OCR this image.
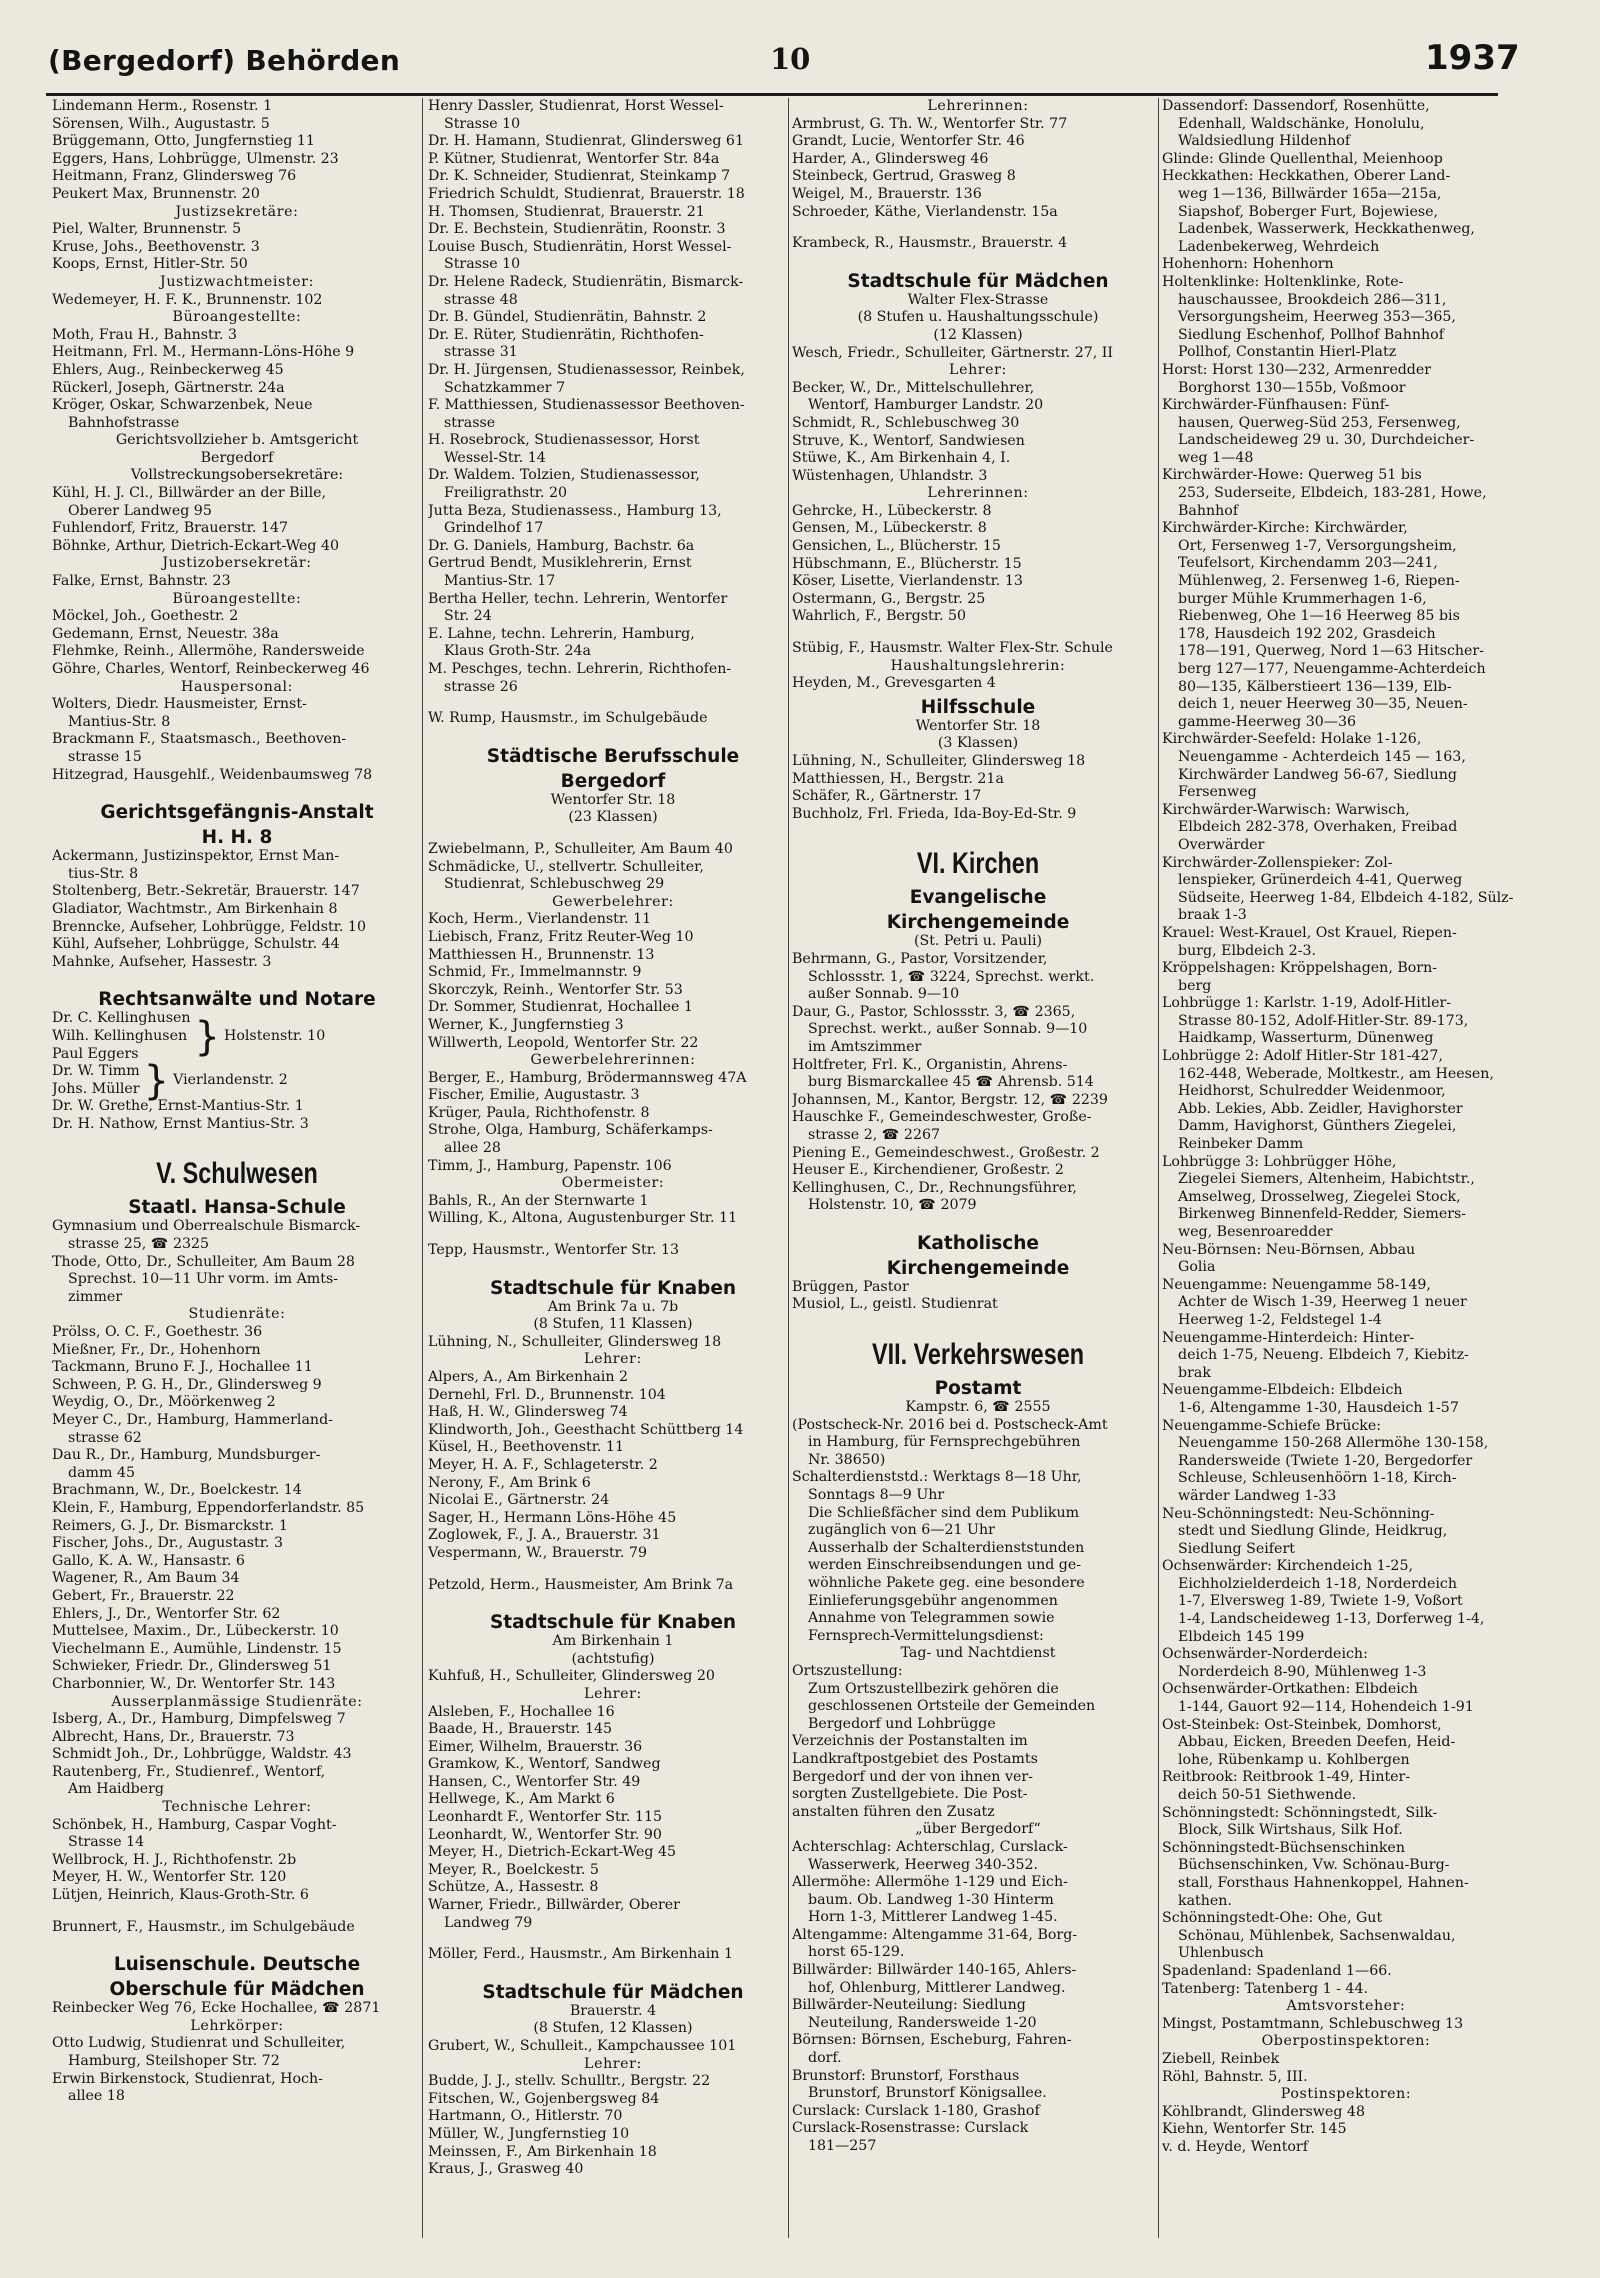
(Bergedorf) Behörden	10	1937
Lindemann Herm., Rosenstr. 1
Sörensen, Wilh., Augustastr. 5
Brüggemann, Otto, Jungfernstieg 11
Eggers, Hans, Lohbrügge, Ulmenstr. 23
Heitmann, Franz, Glindersweg 76
Peukert Max, Brunnenstr. 20
Justizsekretäre:
Piel, Walter, Brunnenstr. 5
Kruse, Johs., Beethovenstr. 3
Koops, Ernst, Hitler-Str. 50
Justizwachtmeister:
Wedemeyer, H. F. K., Brunnenstr. 102
Büroangestellte:
Moth, Frau H., Bahnstr. 3
Heitmann, Frl. M., Hermann-Löns-Höhe 9
Ehlers, Aug., Reinbeckerweg 45
Rückerl, Joseph, Gärtnerstr. 24a
Kröger, Oskar, Schwarzenbek, Neue
Bahnhofstrasse
Gerichtsvollzieher b. Amtsgericht
Bergedorf
Vollstreckungsobersekretäre:
Kühl, H. J. Cl., Billwärder an der Bille,
Oberer Landweg 95
Fuhlendorf, Fritz, Brauerstr. 147
Böhnke, Arthur, Dietrich-Eckart-Weg 40
Justizobersekretär:
Falke, Ernst, Bahnstr. 23
Büroangestellte:
Möckel, Joh., Goethestr. 2
Gedemann, Ernst, Neuestr. 38a
Flehmke, Reinh., Allermöhe, Randersweide
Göhre, Charles, Wentorf, Reinbeckerweg 46
Hauspersonal:
Wolters, Diedr. Hausmeister, Ernst-
Mantius-Str. 8
Brackmann F., Staatsmasch., Beethoven-
strasse 15
Hitzegrad, Hausgehlf., Weidenbaumsweg 78
Gerichtsgefängnis-Anstalt
H. H. 8
Ackermann, Justizinspektor, Ernst Man-
tius-Str. 8
Stoltenberg, Betr.-Sekretär, Brauerstr. 147
Gladiator, Wachtmstr., Am Birkenhain 8
Brenncke, Aufseher, Lohbrügge, Feldstr. 10
Kühl, Aufseher, Lohbrügge, Schulstr. 44
Mahnke, Aufseher, Hassestr. 3
Rechtsanwälte und Notare
Dr. C. Kellinghusen
Wilh. Kellinghusen
Paul Eggers	} Holstenstr. 10
Dr. W. Timm
Johs. Müller } Vierlandenstr. 2
Dr. W. Grethe, Ernst-Mantius-Str. 1
Dr. H. Nathow, Ernst Mantius-Str. 3
V. Schulwesen
Staatl. Hansa-Schule
Gymnasium und Oberrealschule Bismarck-
strasse 25, ☎ 2325
Thode, Otto, Dr., Schulleiter, Am Baum 28
Sprechst. 10—11 Uhr vorm. im Amts-
zimmer
Studienräte:
Prölss, O. C. F., Goethestr. 36
Mießner, Fr., Dr., Hohenhorn
Tackmann, Bruno F. J., Hochallee 11
Schween, P. G. H., Dr., Glindersweg 9
Weydig, O., Dr., Möörkenweg 2
Meyer C., Dr., Hamburg, Hammerland-
strasse 62
Dau R., Dr., Hamburg, Mundsburger-
damm 45
Brachmann, W., Dr., Boelckestr. 14
Klein, F., Hamburg, Eppendorferlandstr. 85
Reimers, G. J., Dr. Bismarckstr. 1
Fischer, Johs., Dr., Augustastr. 3
Gallo, K. A. W., Hansastr. 6
Wagener, R., Am Baum 34
Gebert, Fr., Brauerstr. 22
Ehlers, J., Dr., Wentorfer Str. 62
Muttelsee, Maxim., Dr., Lübeckerstr. 10
Viechelmann E., Aumühle, Lindenstr. 15
Schwieker, Friedr. Dr., Glindersweg 51
Charbonnier, W., Dr. Wentorfer Str. 143
Ausserplanmässige Studienräte:
Isberg, A., Dr., Hamburg, Dimpfelsweg 7
Albrecht, Hans, Dr., Brauerstr. 73
Schmidt Joh., Dr., Lohbrügge, Waldstr. 43
Rautenberg, Fr., Studienref., Wentorf,
Am Haidberg
Technische Lehrer:
Schönbek, H., Hamburg, Caspar Voght-
Strasse 14
Wellbrock, H. J., Richthofenstr. 2b
Meyer, H. W., Wentorfer Str. 120
Lütjen, Heinrich, Klaus-Groth-Str. 6
Brunnert, F., Hausmstr., im Schulgebäude
Luisenschule. Deutsche
Oberschule für Mädchen
Reinbecker Weg 76, Ecke Hochallee, ☎ 2871
Lehrkörper:
Otto Ludwig, Studienrat und Schulleiter,
Hamburg, Steilshoper Str. 72
Erwin Birkenstock, Studienrat, Hoch-
allee 18
Henry Dassler, Studienrat, Horst Wessel-
Strasse 10
Dr. H. Hamann, Studienrat, Glindersweg 61
P. Kütner, Studienrat, Wentorfer Str. 84a
Dr. K. Schneider, Studienrat, Steinkamp 7
Friedrich Schuldt, Studienrat, Brauerstr. 18
H. Thomsen, Studienrat, Brauerstr. 21
Dr. E. Bechstein, Studienrätin, Roonstr. 3
Louise Busch, Studienrätin, Horst Wessel-
Strasse 10
Dr. Helene Radeck, Studienrätin, Bismarck-
strasse 48
Dr. B. Gündel, Studienrätin, Bahnstr. 2
Dr. E. Rüter, Studienrätin, Richthofen-
strasse 31
Dr. H. Jürgensen, Studienassessor, Reinbek,
Schatzkammer 7
F. Matthiessen, Studienassessor Beethoven-
strasse
H. Rosebrock, Studienassessor, Horst
Wessel-Str. 14
Dr. Waldem. Tolzien, Studienassessor,
Freiligrathstr. 20
Jutta Beza, Studienassess., Hamburg 13,
Grindelhof 17
Dr. G. Daniels, Hamburg, Bachstr. 6a
Gertrud Bendt, Musiklehrerin, Ernst
Mantius-Str. 17
Bertha Heller, techn. Lehrerin, Wentorfer
Str. 24
E. Lahne, techn. Lehrerin, Hamburg,
Klaus Groth-Str. 24a
M. Peschges, techn. Lehrerin, Richthofen-
strasse 26
W. Rump, Hausmstr., im Schulgebäude
Städtische Berufsschule
Bergedorf
Wentorfer Str. 18
(23 Klassen)
Zwiebelmann, P., Schulleiter, Am Baum 40
Schmädicke, U., stellvertr. Schulleiter,
Studienrat, Schlebuschweg 29
Gewerbelehrer:
Koch, Herm., Vierlandenstr. 11
Liebisch, Franz, Fritz Reuter-Weg 10
Matthiessen H., Brunnenstr. 13
Schmid, Fr., Immelmannstr. 9
Skorczyk, Reinh., Wentorfer Str. 53
Dr. Sommer, Studienrat, Hochallee 1
Werner, K., Jungfernstieg 3
Willwerth, Leopold, Wentorfer Str. 22
Gewerbelehrerinnen:
Berger, E., Hamburg, Brödermannsweg 47A
Fischer, Emilie, Augustastr. 3
Krüger, Paula, Richthofenstr. 8
Strohe, Olga, Hamburg, Schäferkamps-
allee 28
Timm, J., Hamburg, Papenstr. 106
Obermeister:
Bahls, R., An der Sternwarte 1
Willing, K., Altona, Augustenburger Str. 11
Tepp, Hausmstr., Wentorfer Str. 13
Stadtschule für Knaben
Am Brink 7a u. 7b
(8 Stufen, 11 Klassen)
Lühning, N., Schulleiter, Glindersweg 18
Lehrer:
Alpers, A., Am Birkenhain 2
Dernehl, Frl. D., Brunnenstr. 104
Haß, H. W., Glindersweg 74
Klindworth, Joh., Geesthacht Schüttberg 14
Küsel, H., Beethovenstr. 11
Meyer, H. A. F., Schlageterstr. 2
Nerony, F., Am Brink 6
Nicolai E., Gärtnerstr. 24
Sager, H., Hermann Löns-Höhe 45
Zoglowek, F., J. A., Brauerstr. 31
Vespermann, W., Brauerstr. 79
Petzold, Herm., Hausmeister, Am Brink 7a
Stadtschule für Knaben
Am Birkenhain 1
(achtstufig)
Kuhfuß, H., Schulleiter, Glindersweg 20
Lehrer:
Alsleben, F., Hochallee 16
Baade, H., Brauerstr. 145
Eimer, Wilhelm, Brauerstr. 36
Gramkow, K., Wentorf, Sandweg
Hansen, C., Wentorfer Str. 49
Hellwege, K., Am Markt 6
Leonhardt F., Wentorfer Str. 115
Leonhardt, W., Wentorfer Str. 90
Meyer, H., Dietrich-Eckart-Weg 45
Meyer, R., Boelckestr. 5
Schütze, A., Hassestr. 8
Warner, Friedr., Billwärder, Oberer
Landweg 79
Möller, Ferd., Hausmstr., Am Birkenhain 1
Stadtschule für Mädchen
Brauerstr. 4
(8 Stufen, 12 Klassen)
Grubert, W., Schulleit., Kampchaussee 101
Lehrer:
Budde, J. J., stellv. Schulltr., Bergstr. 22
Fitschen, W., Gojenbergsweg 84
Hartmann, O., Hitlerstr. 70
Müller, W., Jungfernstieg 10
Meinssen, F., Am Birkenhain 18
Kraus, J., Grasweg 40
Lehrerinnen:
Armbrust, G. Th. W., Wentorfer Str. 77
Grandt, Lucie, Wentorfer Str. 46
Harder, A., Glindersweg 46
Steinbeck, Gertrud, Grasweg 8
Weigel, M., Brauerstr. 136
Schroeder, Käthe, Vierlandenstr. 15a
Krambeck, R., Hausmstr., Brauerstr. 4
Stadtschule für Mädchen
Walter Flex-Strasse
(8 Stufen u. Haushaltungsschule)
(12 Klassen)
Wesch, Friedr., Schulleiter, Gärtnerstr. 27, II
Lehrer:
Becker, W., Dr., Mittelschullehrer,
Wentorf, Hamburger Landstr. 20
Schmidt, R., Schlebuschweg 30
Struve, K., Wentorf, Sandwiesen
Stüwe, K., Am Birkenhain 4, I.
Wüstenhagen, Uhlandstr. 3
Lehrerinnen:
Gehrcke, H., Lübeckerstr. 8
Gensen, M., Lübeckerstr. 8
Gensichen, L., Blücherstr. 15
Hübschmann, E., Blücherstr. 15
Köser, Lisette, Vierlandenstr. 13
Ostermann, G., Bergstr. 25
Wahrlich, F., Bergstr. 50
Stübig, F., Hausmstr. Walter Flex-Str. Schule
Haushaltungslehrerin:
Heyden, M., Grevesgarten 4
Hilfsschule
Wentorfer Str. 18
(3 Klassen)
Lühning, N., Schulleiter, Glindersweg 18
Matthiessen, H., Bergstr. 21a
Schäfer, R., Gärtnerstr. 17
Buchholz, Frl. Frieda, Ida-Boy-Ed-Str. 9
VI. Kirchen
Evangelische
Kirchengemeinde
(St. Petri u. Pauli)
Behrmann, G., Pastor, Vorsitzender,
Schlossstr. 1, ☎ 3224, Sprechst. werkt.
außer Sonnab. 9—10
Daur, G., Pastor, Schlossstr. 3, ☎ 2365,
Sprechst. werkt., außer Sonnab. 9—10
im Amtszimmer
Holtfreter, Frl. K., Organistin, Ahrens-
burg Bismarckallee 45 ☎ Ahrensb. 514
Johannsen, M., Kantor, Bergstr. 12, ☎ 2239
Hauschke F., Gemeindeschwester, Große-
strasse 2, ☎ 2267
Piening E., Gemeindeschwest., Großestr. 2
Heuser E., Kirchendiener, Großestr. 2
Kellinghusen, C., Dr., Rechnungsführer,
Holstenstr. 10, ☎ 2079
Katholische
Kirchengemeinde
Brüggen, Pastor
Musiol, L., geistl. Studienrat
VII. Verkehrswesen
Postamt
Kampstr. 6, ☎ 2555
(Postscheck-Nr. 2016 bei d. Postscheck-Amt
in Hamburg, für Fernsprechgebühren
Nr. 38650)
Schalterdienststd.: Werktags 8—18 Uhr,
Sonntags 8—9 Uhr
Die Schließfächer sind dem Publikum
zugänglich von 6—21 Uhr
Ausserhalb der Schalterdienststunden
werden Einschreibsendungen und ge-
wöhnliche Pakete geg. eine besondere
Einlieferungsgebühr angenommen
Annahme von Telegrammen sowie
Fernsprech-Vermittelungsdienst:
Tag- und Nachtdienst
Ortszustellung:
Zum Ortszustellbezirk gehören die
geschlossenen Ortsteile der Gemeinden
Bergedorf und Lohbrügge
Verzeichnis der Postanstalten im
Landkraftpostgebiet des Postamts
Bergedorf und der von ihnen ver-
sorgten Zustellgebiete. Die Post-
anstalten führen den Zusatz
„über Bergedorf“
Achterschlag: Achterschlag, Curslack-
Wasserwerk, Heerweg 340-352.
Allermöhe: Allermöhe 1-129 und Eich-
baum. Ob. Landweg 1-30 Hinterm
Horn 1-3, Mittlerer Landweg 1-45.
Altengamme: Altengamme 31-64, Borg-
horst 65-129.
Billwärder: Billwärder 140-165, Ahlers-
hof, Ohlenburg, Mittlerer Landweg.
Billwärder-Neuteilung: Siedlung
Neuteilung, Randersweide 1-20
Börnsen: Börnsen, Escheburg, Fahren-
dorf.
Brunstorf: Brunstorf, Forsthaus
Brunstorf, Brunstorf Königsallee.
Curslack: Curslack 1-180, Grashof
Curslack-Rosenstrasse: Curslack
181—257
Dassendorf: Dassendorf, Rosenhütte,
Edenhall, Waldschänke, Honolulu,
Waldsiedlung Hildenhof
Glinde: Glinde Quellenthal, Meienhoop
Heckkathen: Heckkathen, Oberer Land-
weg 1—136, Billwärder 165a—215a,
Siapshof, Boberger Furt, Bojewiese,
Ladenbek, Wasserwerk, Heckkathenweg,
Ladenbekerweg, Wehrdeich
Hohenhorn: Hohenhorn
Holtenklinke: Holtenklinke, Rote-
hauschaussee, Brookdeich 286—311,
Versorgungsheim, Heerweg 353—365,
Siedlung Eschenhof, Pollhof Bahnhof
Pollhof, Constantin Hierl-Platz
Horst: Horst 130—232, Armenredder
Borghorst 130—155b, Voßmoor
Kirchwärder-Fünfhausen: Fünf-
hausen, Querweg-Süd 253, Fersenweg,
Landscheideweg 29 u. 30, Durchdeicher-
weg 1—48
Kirchwärder-Howe: Querweg 51 bis
253, Suderseite, Elbdeich, 183-281, Howe,
Bahnhof
Kirchwärder-Kirche: Kirchwärder,
Ort, Fersenweg 1-7, Versorgungsheim,
Teufelsort, Kirchendamm 203—241,
Mühlenweg, 2. Fersenweg 1-6, Riepen-
burger Mühle Krummerhagen 1-6,
Riebenweg, Ohe 1—16 Heerweg 85 bis
178, Hausdeich 192 202, Grasdeich
178—191, Querweg, Nord 1—63 Hitscher-
berg 127—177, Neuengamme-Achterdeich
80—135, Kälberstieert 136—139, Elb-
deich 1, neuer Heerweg 30—35, Neuen-
gamme-Heerweg 30—36
Kirchwärder-Seefeld: Holake 1-126,
Neuengamme - Achterdeich 145 — 163,
Kirchwärder Landweg 56-67, Siedlung
Fersenweg
Kirchwärder-Warwisch: Warwisch,
Elbdeich 282-378, Overhaken, Freibad
Overwärder
Kirchwärder-Zollenspieker: Zol-
lenspieker, Grünerdeich 4-41, Querweg
Südseite, Heerweg 1-84, Elbdeich 4-182, Sülz-
braak 1-3
Krauel: West-Krauel, Ost Krauel, Riepen-
burg, Elbdeich 2-3.
Kröppelshagen: Kröppelshagen, Born-
berg
Lohbrügge 1: Karlstr. 1-19, Adolf-Hitler-
Strasse 80-152, Adolf-Hitler-Str. 89-173,
Haidkamp, Wasserturm, Dünenweg
Lohbrügge 2: Adolf Hitler-Str 181-427,
162-448, Weberade, Moltkestr., am Heesen,
Heidhorst, Schulredder Weidenmoor,
Abb. Lekies, Abb. Zeidler, Havighorster
Damm, Havighorst, Günthers Ziegelei,
Reinbeker Damm
Lohbrügge 3: Lohbrügger Höhe,
Ziegelei Siemers, Altenheim, Habichtstr.,
Amselweg, Drosselweg, Ziegelei Stock,
Birkenweg Binnenfeld-Redder, Siemers-
weg, Besenroaredder
Neu-Börnsen: Neu-Börnsen, Abbau
Golia
Neuengamme: Neuengamme 58-149,
Achter de Wisch 1-39, Heerweg 1 neuer
Heerweg 1-2, Feldstegel 1-4
Neuengamme-Hinterdeich: Hinter-
deich 1-75, Neueng. Elbdeich 7, Kiebitz-
brak
Neuengamme-Elbdeich: Elbdeich
1-6, Altengamme 1-30, Hausdeich 1-57
Neuengamme-Schiefe Brücke:
Neuengamme 150-268 Allermöhe 130-158,
Randersweide (Twiete 1-20, Bergedorfer
Schleuse, Schleusenhöörn 1-18, Kirch-
wärder Landweg 1-33
Neu-Schönningstedt: Neu-Schönning-
stedt und Siedlung Glinde, Heidkrug,
Siedlung Seifert
Ochsenwärder: Kirchendeich 1-25,
Eichholzielderdeich 1-18, Norderdeich
1-7, Elversweg 1-89, Twiete 1-9, Voßort
1-4, Landscheideweg 1-13, Dorferweg 1-4,
Elbdeich 145 199
Ochsenwärder-Norderdeich:
Norderdeich 8-90, Mühlenweg 1-3
Ochsenwärder-Ortkathen: Elbdeich
1-144, Gauort 92—114, Hohendeich 1-91
Ost-Steinbek: Ost-Steinbek, Domhorst,
Abbau, Eicken, Breeden Deefen, Heid-
lohe, Rübenkamp u. Kohlbergen
Reitbrook: Reitbrook 1-49, Hinter-
deich 50-51 Siethwende.
Schönningstedt: Schönningstedt, Silk-
Block, Silk Wirtshaus, Silk Hof.
Schönningstedt-Büchsenschinken
Büchsenschinken, Vw. Schönau-Burg-
stall, Forsthaus Hahnenkoppel, Hahnen-
kathen.
Schönningstedt-Ohe: Ohe, Gut
Schönau, Mühlenbek, Sachsenwaldau,
Uhlenbusch
Spadenland: Spadenland 1—66.
Tatenberg: Tatenberg 1 - 44.
Amtsvorsteher:
Mingst, Postamtmann, Schlebuschweg 13
Oberpostinspektoren:
Ziebell, Reinbek
Röhl, Bahnstr. 5, III.
Postinspektoren:
Köhlbrandt, Glindersweg 48
Kiehn, Wentorfer Str. 145
v. d. Heyde, Wentorf
